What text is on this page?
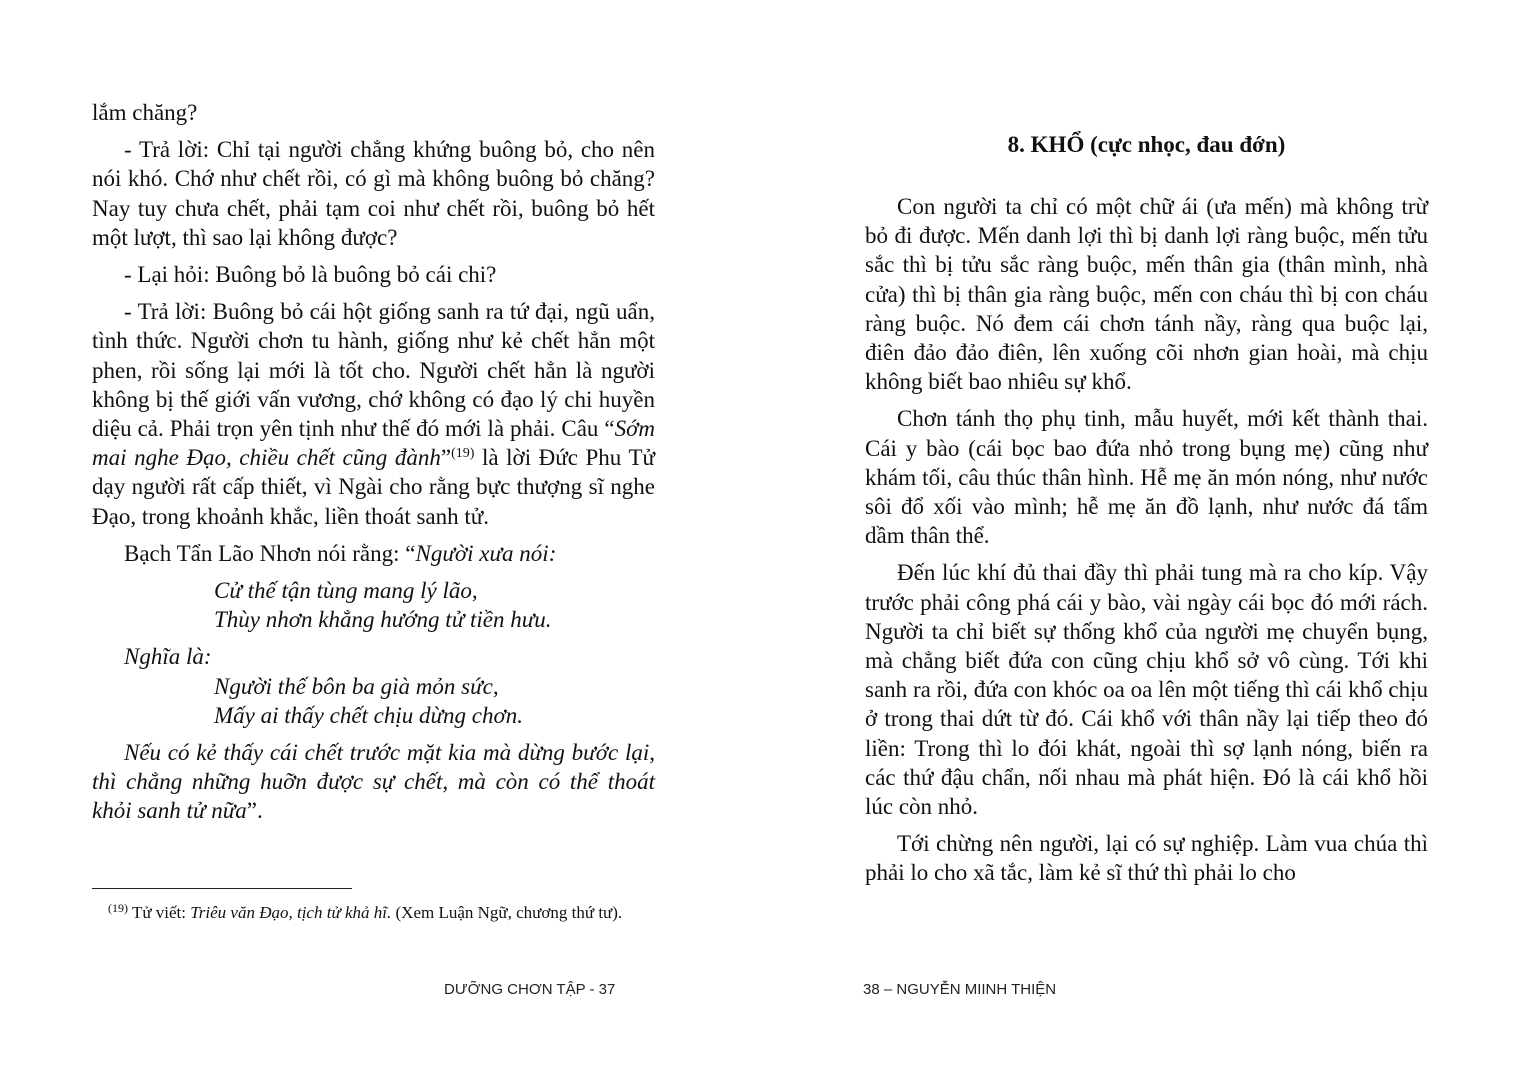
lắm chăng?

- Trả lời: Chỉ tại người chẳng khứng buông bỏ, cho nên nói khó. Chớ như chết rồi, có gì mà không buông bỏ chăng? Nay tuy chưa chết, phải tạm coi như chết rồi, buông bỏ hết một lượt, thì sao lại không được?

- Lại hỏi: Buông bỏ là buông bỏ cái chi?

- Trả lời: Buông bỏ cái hột giống sanh ra tứ đại, ngũ uẩn, tình thức. Người chơn tu hành, giống như kẻ chết hẳn một phen, rồi sống lại mới là tốt cho. Người chết hẳn là người không bị thế giới vấn vương, chớ không có đạo lý chi huyền diệu cả. Phải trọn yên tịnh như thế đó mới là phải. Câu “Sớm mai nghe Đạo, chiều chết cũng đành”$^{(19)}$ là lời Đức Phu Tử dạy người rất cấp thiết, vì Ngài cho rằng bực thượng sĩ nghe Đạo, trong khoảnh khắc, liền thoát sanh tử.

Bạch Tẩn Lão Nhơn nói rằng: “Người xưa nói:

Cử thế tận tùng mang lý lão,
Thùy nhơn khẳng hướng tử tiền hưu.
Nghĩa là:
Người thế bôn ba già mỏn sức,
Mấy ai thấy chết chịu dừng chơn.

Nếu có kẻ thấy cái chết trước mặt kia mà dừng bước lại, thì chẳng những huỡn được sự chết, mà còn có thể thoát khỏi sanh tử nữa”.

$^{(19)}$ Tử viết: Triêu văn Đạo, tịch tử khả hĩ. (Xem Luận Ngữ, chương thứ tư).
DƯỠNG CHƠN TẬP - 37
8. KHỔ (cực nhọc, đau đớn)

Con người ta chỉ có một chữ ái (ưa mến) mà không trừ bỏ đi được. Mến danh lợi thì bị danh lợi ràng buộc, mến tửu sắc thì bị tửu sắc ràng buộc, mến thân gia (thân mình, nhà cửa) thì bị thân gia ràng buộc, mến con cháu thì bị con cháu ràng buộc. Nó đem cái chơn tánh nầy, ràng qua buộc lại, điên đảo đảo điên, lên xuống cõi nhơn gian hoài, mà chịu không biết bao nhiêu sự khổ.

Chơn tánh thọ phụ tinh, mẫu huyết, mới kết thành thai. Cái y bào (cái bọc bao đứa nhỏ trong bụng mẹ) cũng như khám tối, câu thúc thân hình. Hễ mẹ ăn món nóng, như nước sôi đổ xối vào mình; hễ mẹ ăn đồ lạnh, như nước đá tẩm dầm thân thể.

Đến lúc khí đủ thai đầy thì phải tung mà ra cho kíp. Vậy trước phải công phá cái y bào, vài ngày cái bọc đó mới rách. Người ta chỉ biết sự thống khổ của người mẹ chuyển bụng, mà chẳng biết đứa con cũng chịu khổ sở vô cùng. Tới khi sanh ra rồi, đứa con khóc oa oa lên một tiếng thì cái khổ chịu ở trong thai dứt từ đó. Cái khổ với thân nầy lại tiếp theo đó liền: Trong thì lo đói khát, ngoài thì sợ lạnh nóng, biến ra các thứ đậu chẩn, nối nhau mà phát hiện. Đó là cái khổ hồi lúc còn nhỏ.

Tới chừng nên người, lại có sự nghiệp. Làm vua chúa thì phải lo cho xã tắc, làm kẻ sĩ thứ thì phải lo cho

38 – NGUYỄN MIINH THIỆN
